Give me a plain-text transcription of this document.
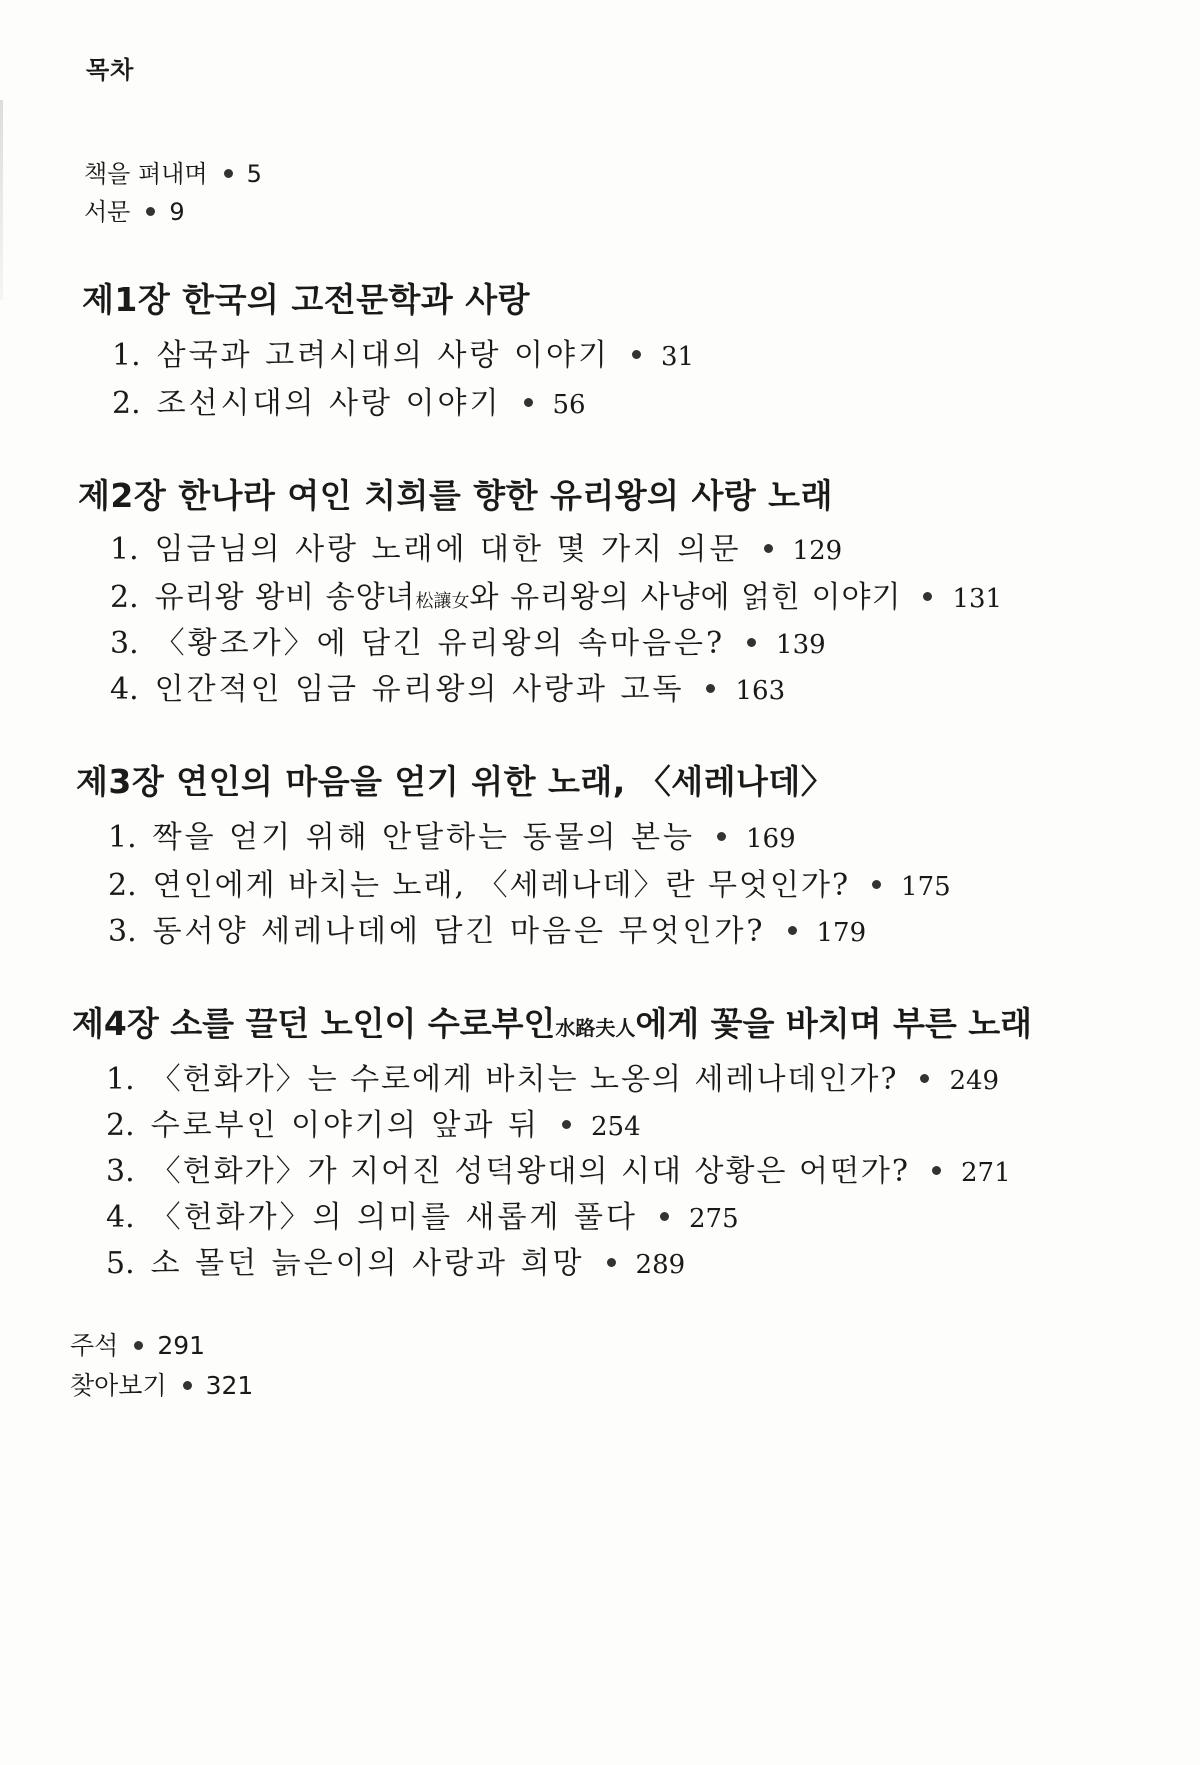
목차
책을 펴내며 5
서문 9
제1장 한국의 고전문학과 사랑
1. 삼국과 고려시대의 사랑 이야기 31
2. 조선시대의 사랑 이야기 56
제2장 한나라 여인 치희를 향한 유리왕의 사랑 노래
1. 임금님의 사랑 노래에 대한 몇 가지 의문 129
2. 유리왕 왕비 송양녀松讓女와 유리왕의 사냥에 얽힌 이야기 131
3. 〈황조가〉에 담긴 유리왕의 속마음은? 139
4. 인간적인 임금 유리왕의 사랑과 고독 163
제3장 연인의 마음을 얻기 위한 노래, 〈세레나데〉
1. 짝을 얻기 위해 안달하는 동물의 본능 169
2. 연인에게 바치는 노래, 〈세레나데〉란 무엇인가? 175
3. 동서양 세레나데에 담긴 마음은 무엇인가? 179
제4장 소를 끌던 노인이 수로부인水路夫人에게 꽃을 바치며 부른 노래
1. 〈헌화가〉는 수로에게 바치는 노옹의 세레나데인가? 249
2. 수로부인 이야기의 앞과 뒤 254
3. 〈헌화가〉가 지어진 성덕왕대의 시대 상황은 어떤가? 271
4. 〈헌화가〉의 의미를 새롭게 풀다 275
5. 소 몰던 늙은이의 사랑과 희망 289
주석 291
찾아보기 321
